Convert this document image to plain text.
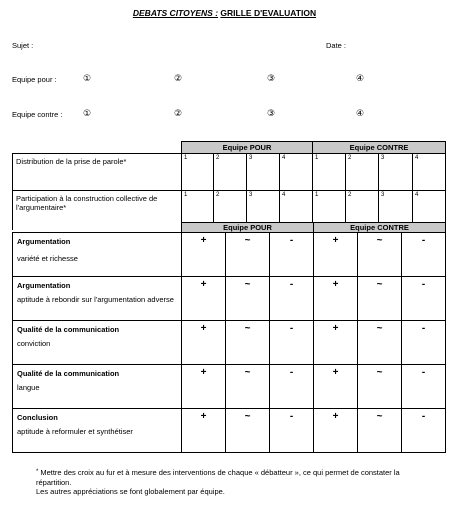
DEBATS CITOYENS : GRILLE D'EVALUATION
Sujet :	Date :
Equipe pour :	①	②	③	④
Equipe contre : ①	②	③	④
	Equipe POUR				Equipe CONTRE			
Distribution de la prise de parole*	1	2	3	4	1	2	3	4
Participation à la construction collective de l'argumentaire*	1	2	3	4	1	2	3	4
	Equipe POUR			Equipe CONTRE		

Argumentation
variété et richesse	+	~	-	+	~	-

Argumentation
aptitude à rebondir sur l'argumentation adverse	+	~	-	+	~	-

Qualité de la communication
conviction	+	~	-	+	~	-

Qualité de la communication
langue	+	~	-	+	~	-

Conclusion
aptitude à reformuler et synthétiser	+	~	-	+	~	-
* Mettre des croix au fur et à mesure des interventions de chaque « débatteur », ce qui permet de constater la répartition.
Les autres appréciations se font globalement par équipe.
